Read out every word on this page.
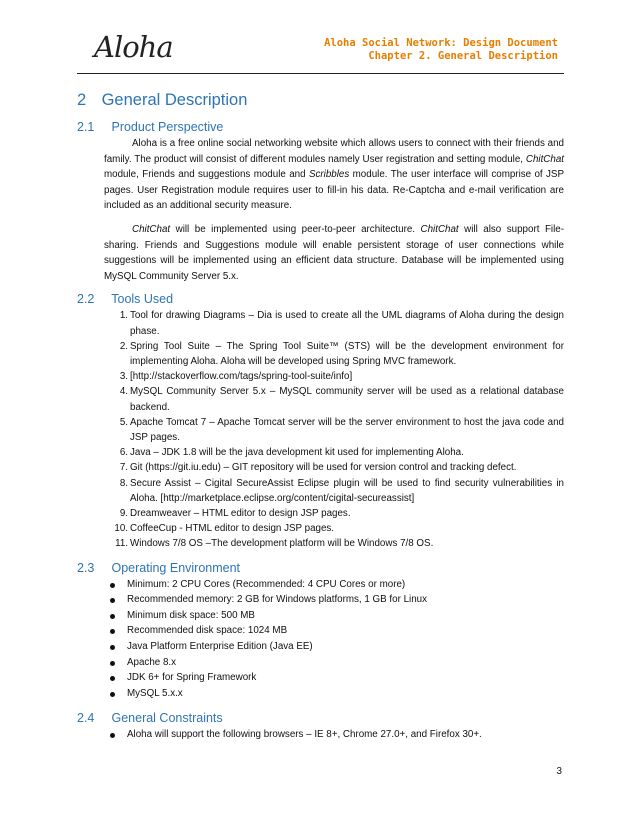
Aloha	Aloha Social Network: Design Document
Chapter 2. General Description
2 General Description
2.1 Product Perspective

Aloha is a free online social networking website which allows users to connect with their friends and family. The product will consist of different modules namely User registration and setting module, ChitChat module, Friends and suggestions module and Scribbles module. The user interface will comprise of JSP pages. User Registration module requires user to fill-in his data. Re-Captcha and e-mail verification are included as an additional security measure.

ChitChat will be implemented using peer-to-peer architecture. ChitChat will also support File-sharing. Friends and Suggestions module will enable persistent storage of user connections while suggestions will be implemented using an efficient data structure. Database will be implemented using MySQL Community Server 5.x.

2.2 Tools Used
1. Tool for drawing Diagrams – Dia is used to create all the UML diagrams of Aloha during the design phase.
2. Spring Tool Suite – The Spring Tool Suite™ (STS) will be the development environment for implementing Aloha. Aloha will be developed using Spring MVC framework.
3. [http://stackoverflow.com/tags/spring-tool-suite/info]
4. MySQL Community Server 5.x – MySQL community server will be used as a relational database backend.
5. Apache Tomcat 7 – Apache Tomcat server will be the server environment to host the java code and JSP pages.
6. Java – JDK 1.8 will be the java development kit used for implementing Aloha.
7. Git (https://git.iu.edu) – GIT repository will be used for version control and tracking defect.
8. Secure Assist – Cigital SecureAssist Eclipse plugin will be used to find security vulnerabilities in Aloha. [http://marketplace.eclipse.org/content/cigital-secureassist]
9. Dreamweaver – HTML editor to design JSP pages.
10. CoffeeCup - HTML editor to design JSP pages.
11. Windows 7/8 OS –The development platform will be Windows 7/8 OS.
2.3 Operating Environment
Minimum: 2 CPU Cores (Recommended: 4 CPU Cores or more)
Recommended memory: 2 GB for Windows platforms, 1 GB for Linux
Minimum disk space: 500 MB
Recommended disk space: 1024 MB
Java Platform Enterprise Edition (Java EE)
Apache 8.x
JDK 6+ for Spring Framework
MySQL 5.x.x
2.4 General Constraints
Aloha will support the following browsers – IE 8+, Chrome 27.0+, and Firefox 30+.
3
